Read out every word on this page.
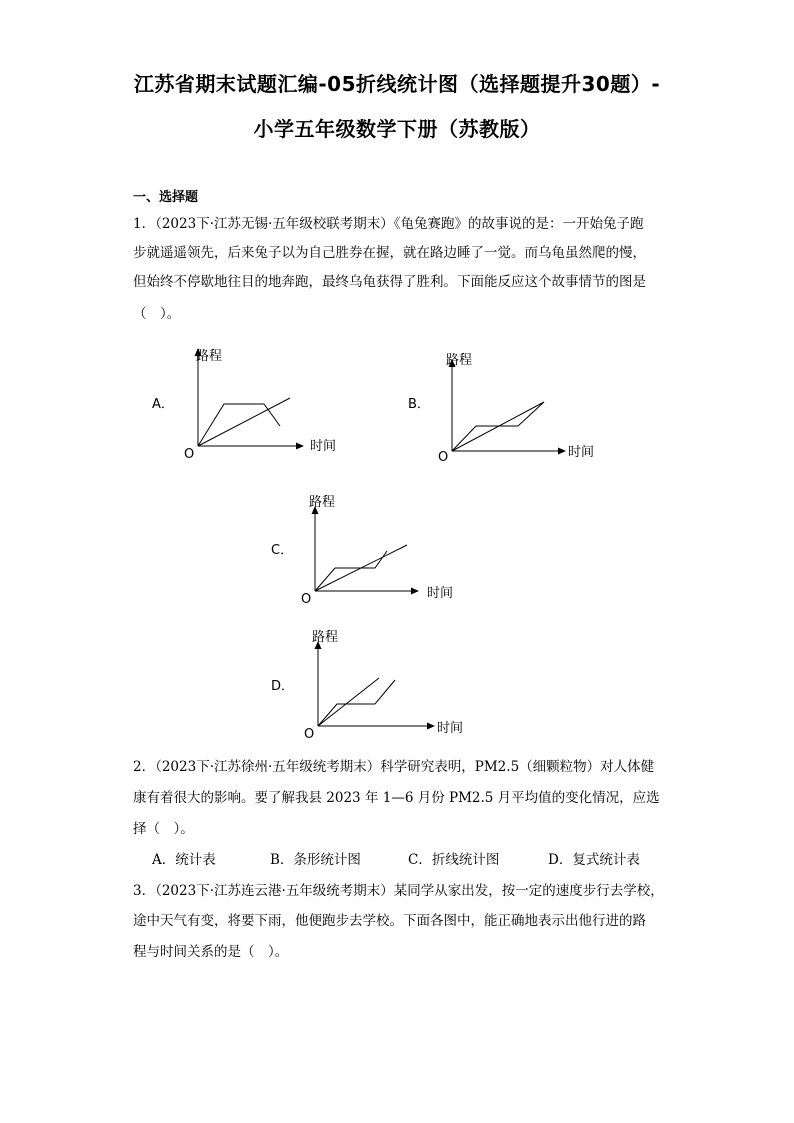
江苏省期末试题汇编-05折线统计图（选择题提升30题）-
小学五年级数学下册（苏教版）
一、选择题
1．（2023下·江苏无锡·五年级校联考期末）《龟兔赛跑》的故事说的是：一开始兔子跑
步就遥遥领先，后来兔子以为自己胜券在握，就在路边睡了一觉。而乌龟虽然爬的慢，
但始终不停歇地往目的地奔跑，最终乌龟获得了胜利。下面能反应这个故事情节的图是
（　）。
A．
路程
时间
O
B．
路程
时间
O
C．
路程
时间
O
D．
路程
时间
O
2．（2023下·江苏徐州·五年级统考期末）科学研究表明，PM2.5（细颗粒物）对人体健
康有着很大的影响。要了解我县 2023 年 1—6 月份 PM2.5 月平均值的变化情况，应选
择（　）。
A．统计表	B．条形统计图	C．折线统计图	D．复式统计表
3．（2023下·江苏连云港·五年级统考期末）某同学从家出发，按一定的速度步行去学校，
途中天气有变，将要下雨，他便跑步去学校。下面各图中，能正确地表示出他行进的路
程与时间关系的是（　）。
